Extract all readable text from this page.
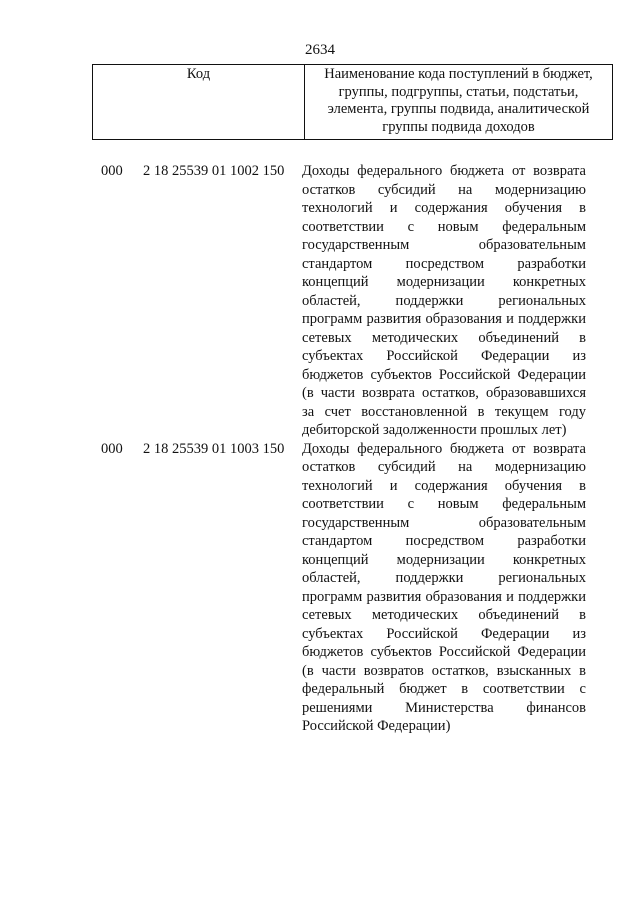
2634
Код	Наименование кода поступлений в бюджет, группы, подгруппы, статьи, подстатьи, элемента, группы подвида, аналитической группы подвида доходов
000 2 18 25539 01 1002 150 Доходы федерального бюджета от возврата
остатков субсидий на модернизацию
технологий и содержания обучения в
соответствии с новым федеральным
государственным образовательным
стандартом посредством разработки
концепций модернизации конкретных
областей, поддержки региональных
программ развития образования и поддержки
сетевых методических объединений в
субъектах Российской Федерации из
бюджетов субъектов Российской Федерации
(в части возврата остатков, образовавшихся
за счет восстановленной в текущем году
дебиторской задолженности прошлых лет)
000 2 18 25539 01 1003 150 Доходы федерального бюджета от возврата
остатков субсидий на модернизацию
технологий и содержания обучения в
соответствии с новым федеральным
государственным образовательным
стандартом посредством разработки
концепций модернизации конкретных
областей, поддержки региональных
программ развития образования и поддержки
сетевых методических объединений в
субъектах Российской Федерации из
бюджетов субъектов Российской Федерации
(в части возвратов остатков, взысканных в
федеральный бюджет в соответствии с
решениями Министерства финансов
Российской Федерации)
